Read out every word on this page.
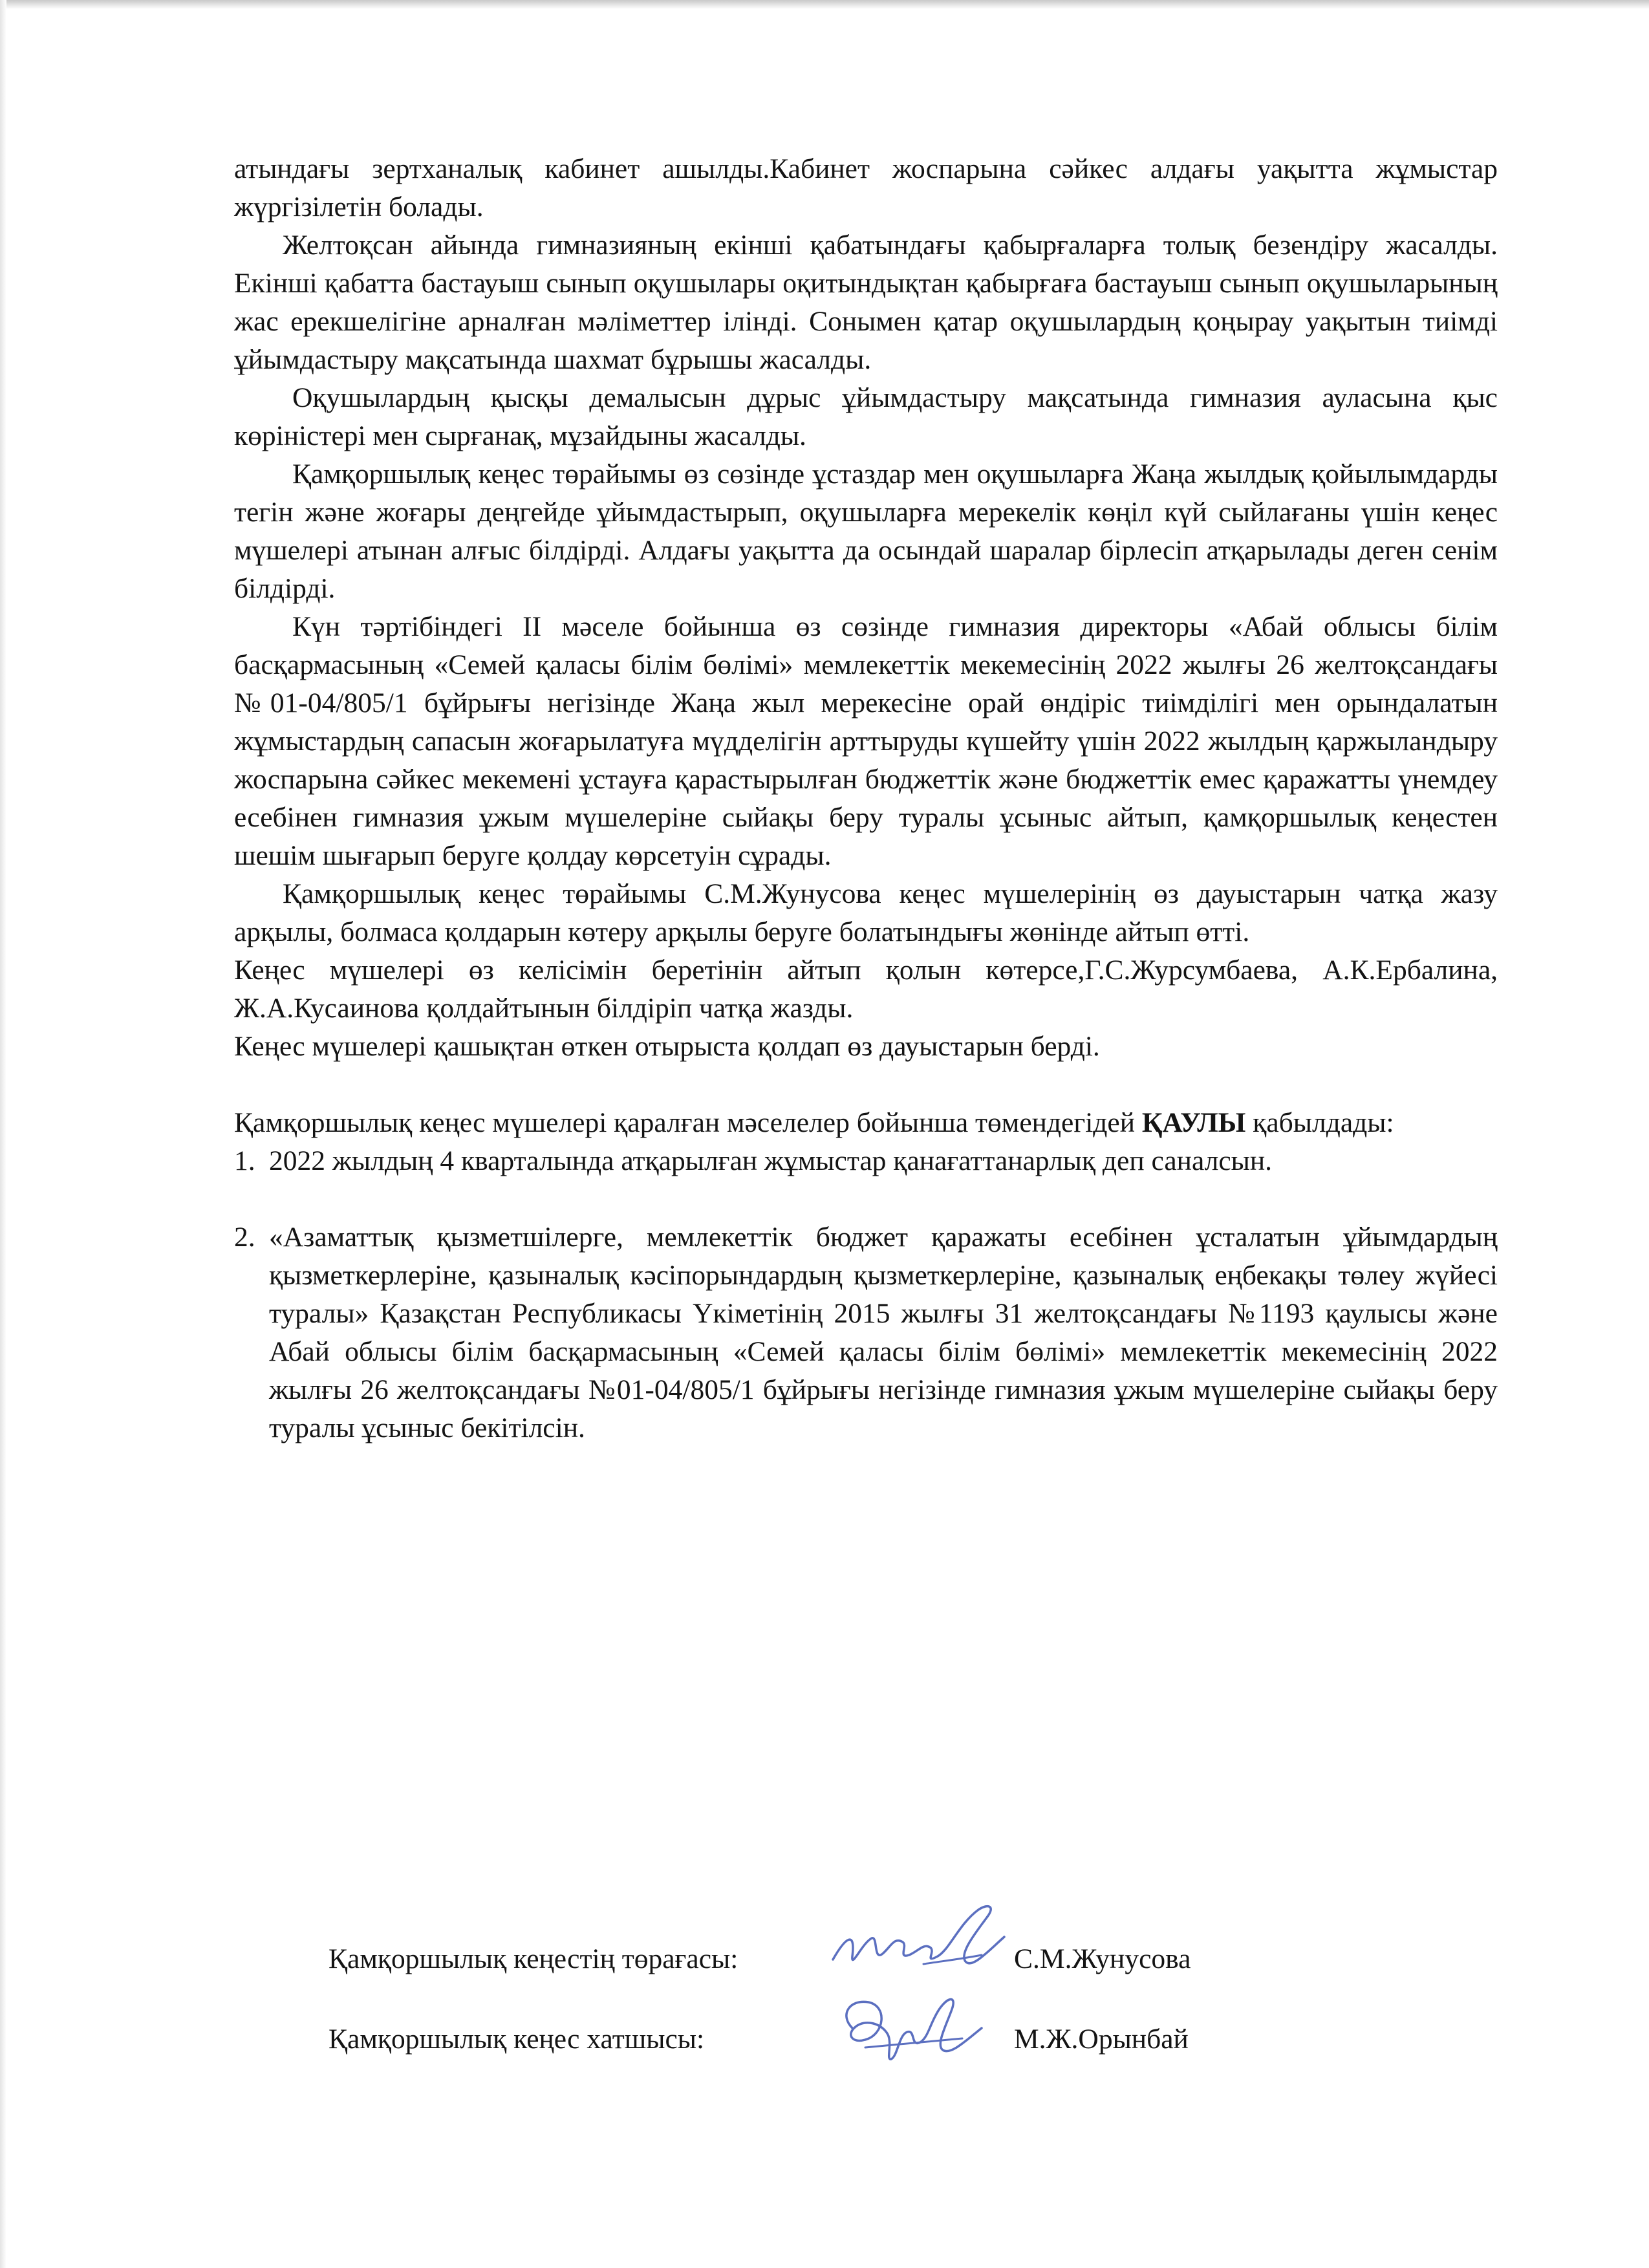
атындағы зертханалық кабинет ашылды.Кабинет жоспарына сәйкес алдағы уақытта жұмыстар жүргізілетін болады.

Желтоқсан айында гимназияның екінші қабатындағы қабырғаларға толық безендіру жасалды. Екінші қабатта бастауыш сынып оқушылары оқитындықтан қабырғаға бастауыш сынып оқушыларының жас ерекшелігіне арналған мәліметтер ілінді. Сонымен қатар оқушылардың қоңырау уақытын тиімді ұйымдастыру мақсатында шахмат бұрышы жасалды.

Оқушылардың қысқы демалысын дұрыс ұйымдастыру мақсатында гимназия ауласына қыс көріністері мен сырғанақ, мұзайдыны жасалды.

Қамқоршылық кеңес төрайымы өз сөзінде ұстаздар мен оқушыларға Жаңа жылдық қойылымдарды тегін және жоғары деңгейде ұйымдастырып, оқушыларға мерекелік көңіл күй сыйлағаны үшін кеңес мүшелері атынан алғыс білдірді. Алдағы уақытта да осындай шаралар бірлесіп атқарылады деген сенім білдірді.

Күн тәртібіндегі II мәселе бойынша өз сөзінде гимназия директоры «Абай облысы білім басқармасының «Семей қаласы білім бөлімі» мемлекеттік мекемесінің 2022 жылғы 26 желтоқсандағы №01-04/805/1 бұйрығы негізінде Жаңа жыл мерекесіне орай өндіріс тиімділігі мен орындалатын жұмыстардың сапасын жоғарылатуға мүдделігін арттыруды күшейту үшін 2022 жылдың қаржыландыру жоспарына сәйкес мекемені ұстауға қарастырылған бюджеттік және бюджеттік емес қаражатты үнемдеу есебінен гимназия ұжым мүшелеріне сыйақы беру туралы ұсыныс айтып, қамқоршылық кеңестен шешім шығарып беруге қолдау көрсетуін сұрады.

Қамқоршылық кеңес төрайымы С.М.Жунусова кеңес мүшелерінің өз дауыстарын чатқа жазу арқылы, болмаса қолдарын көтеру арқылы беруге болатындығы жөнінде айтып өтті.

Кеңес мүшелері өз келісімін беретінін айтып қолын көтерсе,Г.С.Журсумбаева, А.К.Ербалина, Ж.А.Кусаинова қолдайтынын білдіріп чатқа жазды.

Кеңес мүшелері қашықтан өткен отырыста қолдап өз дауыстарын берді.

Қамқоршылық кеңес мүшелері қаралған мәселелер бойынша төмендегідей ҚАУЛЫ қабылдады:

1. 2022 жылдың 4 кварталында атқарылған жұмыстар қанағаттанарлық деп саналсын.

2. «Азаматтық қызметшілерге, мемлекеттік бюджет қаражаты есебінен ұсталатын ұйымдардың қызметкерлеріне, қазыналық кәсіпорындардың қызметкерлеріне, қазыналық еңбекақы төлеу жүйесі туралы» Қазақстан Республикасы Үкіметінің 2015 жылғы 31 желтоқсандағы №1193 қаулысы және Абай облысы білім басқармасының «Семей қаласы білім бөлімі» мемлекеттік мекемесінің 2022 жылғы 26 желтоқсандағы №01-04/805/1 бұйрығы негізінде гимназия ұжым мүшелеріне сыйақы беру туралы ұсыныс бекітілсін.

Қамқоршылық кеңестің төрағасы:	С.М.Жунусова
Қамқоршылық кеңес хатшысы:	М.Ж.Орынбай
